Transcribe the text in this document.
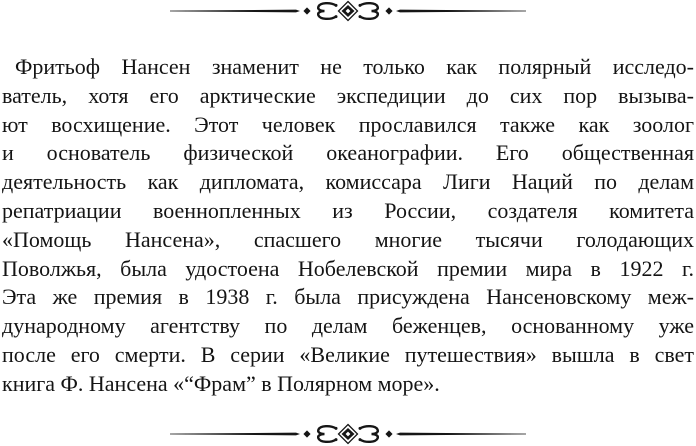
Фритьоф Нансен знаменит не только как полярный исследо-
ватель, хотя его арктические экспедиции до сих пор вызыва-
ют восхищение. Этот человек прославился также как зоолог
и основатель физической океанографии. Его общественная
деятельность как дипломата, комиссара Лиги Наций по делам
репатриации военнопленных из России, создателя комитета
«Помощь Нансена», спасшего многие тысячи голодающих
Поволжья, была удостоена Нобелевской премии мира в 1922 г.
Эта же премия в 1938 г. была присуждена Нансеновскому меж-
дународному агентству по делам беженцев, основанному уже
после его смерти. В серии «Великие путешествия» вышла в свет
книга Ф. Нансена «“Фрам” в Полярном море».
